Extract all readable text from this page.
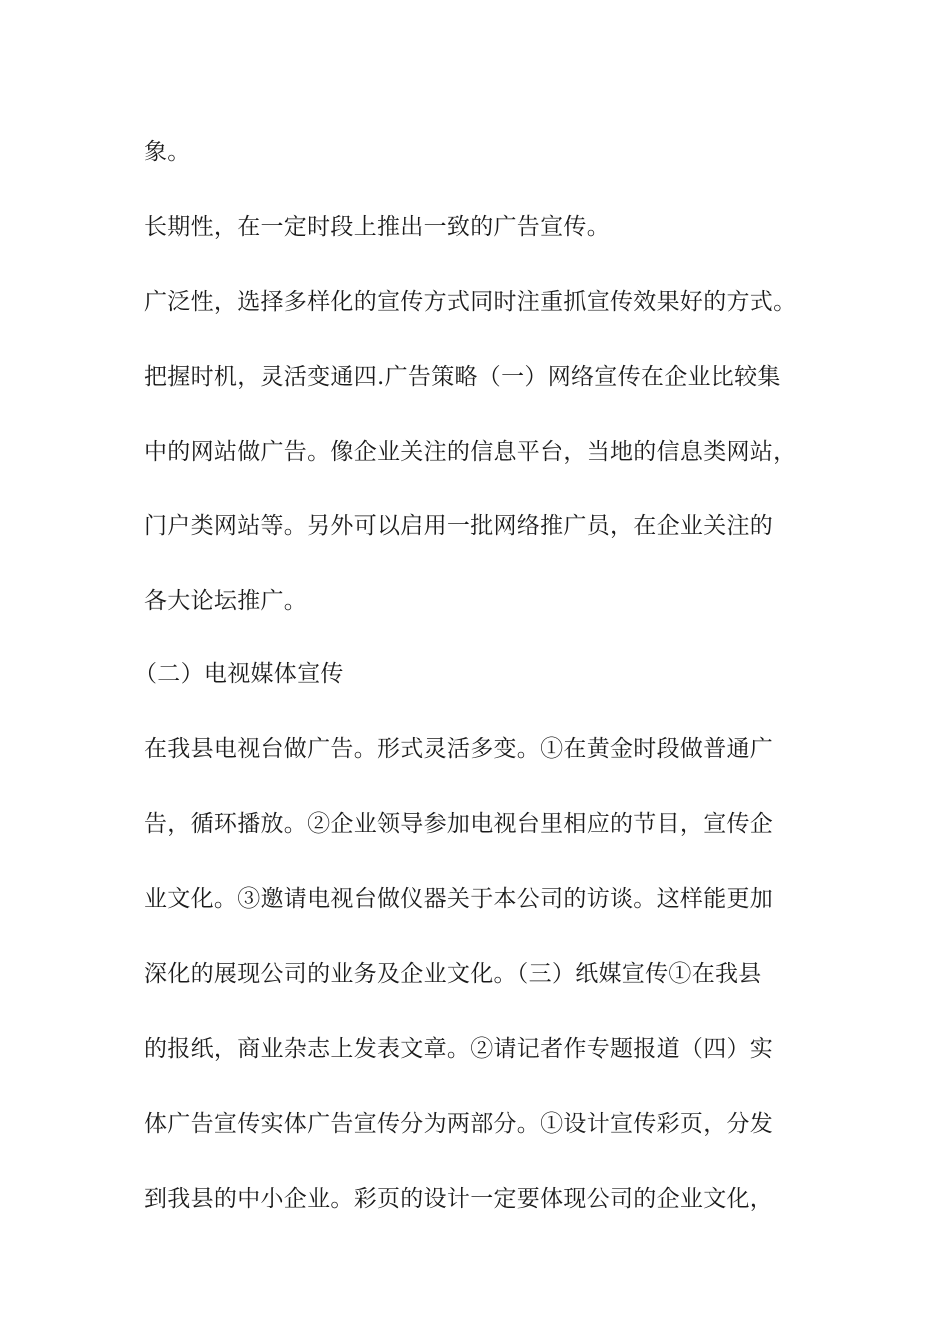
象。

长期性，在一定时段上推出一致的广告宣传。

广泛性，选择多样化的宣传方式同时注重抓宣传效果好的方式。

把握时机，灵活变通四.广告策略（一）网络宣传在企业比较集

中的网站做广告。像企业关注的信息平台，当地的信息类网站，

门户类网站等。另外可以启用一批网络推广员，在企业关注的

各大论坛推广。

（二）电视媒体宣传

在我县电视台做广告。形式灵活多变。①在黄金时段做普通广

告，循环播放。②企业领导参加电视台里相应的节目，宣传企

业文化。③邀请电视台做仪器关于本公司的访谈。这样能更加

深化的展现公司的业务及企业文化。（三）纸媒宣传①在我县

的报纸，商业杂志上发表文章。②请记者作专题报道（四）实

体广告宣传实体广告宣传分为两部分。①设计宣传彩页，分发

到我县的中小企业。彩页的设计一定要体现公司的企业文化，
